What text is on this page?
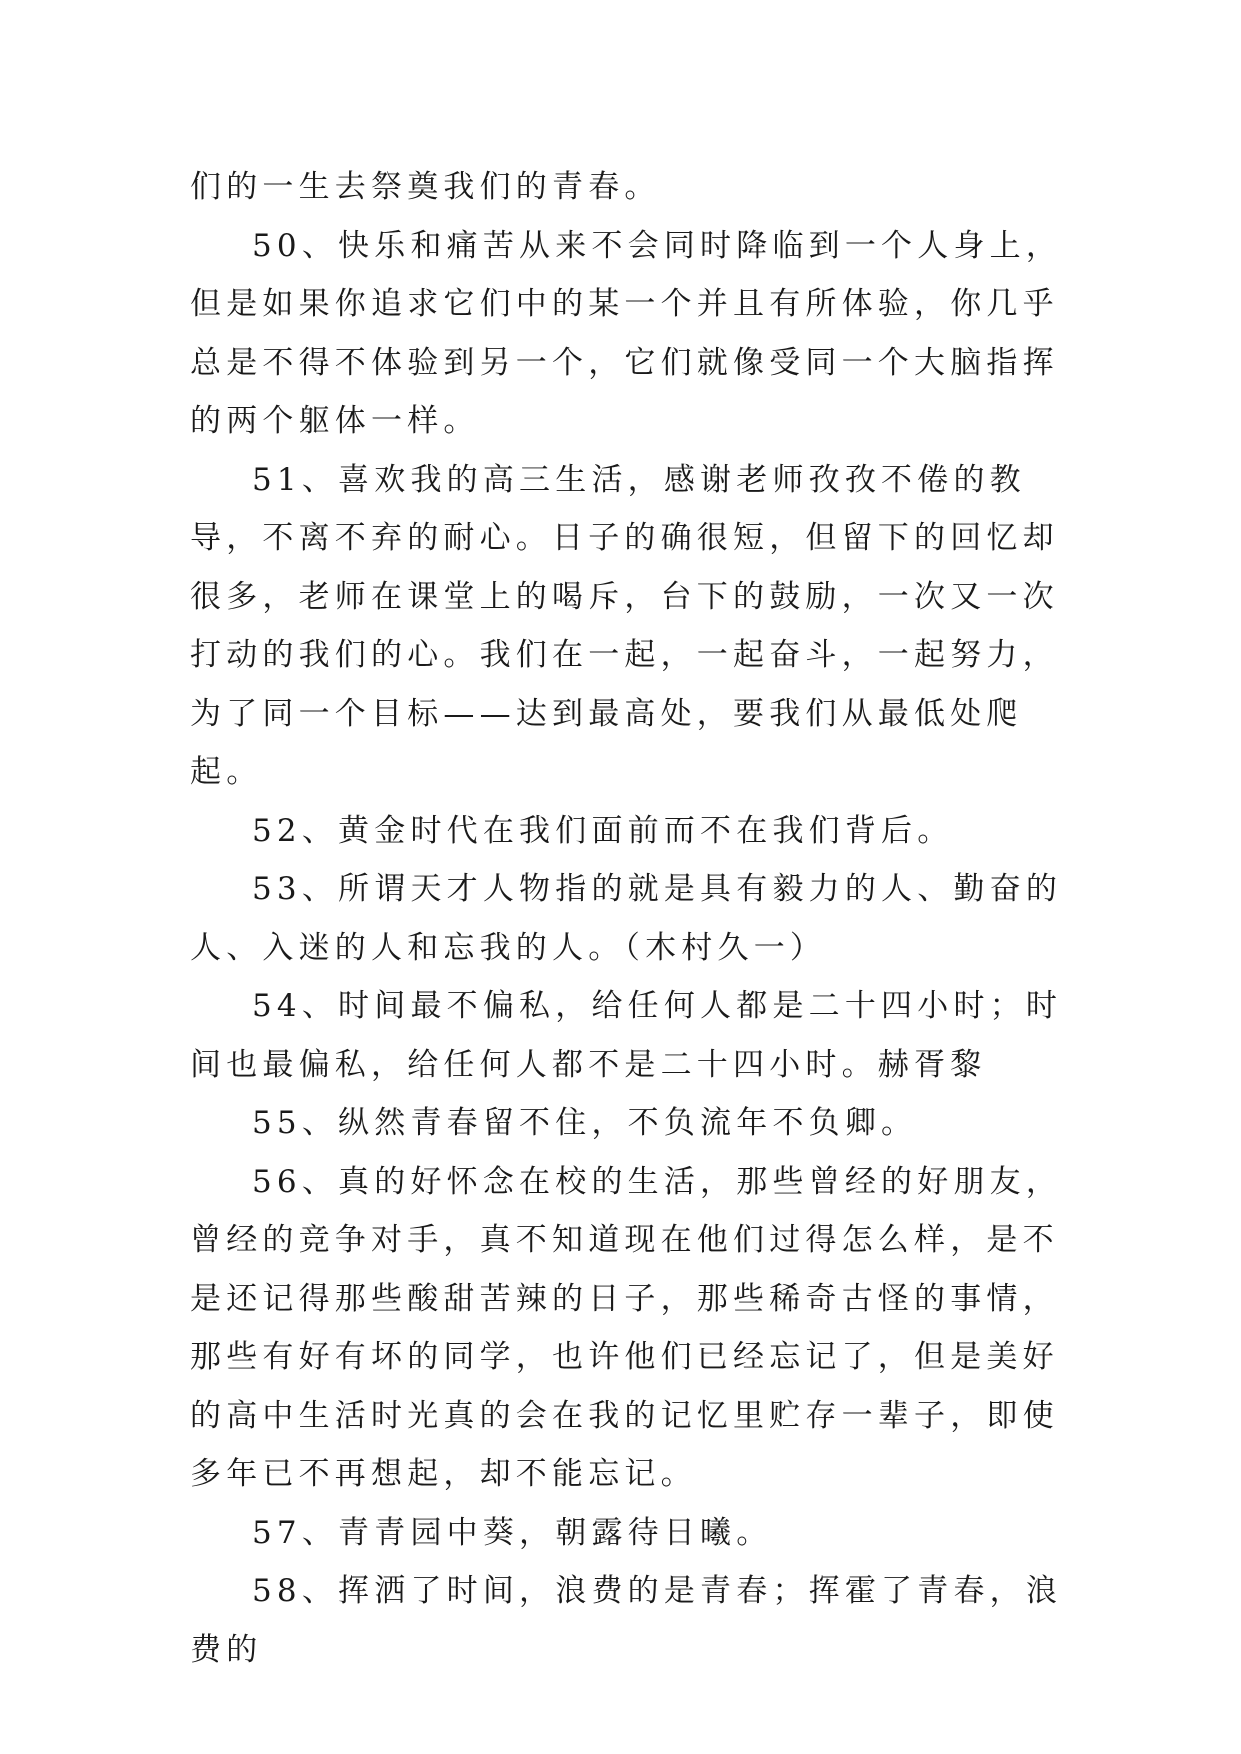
们的一生去祭奠我们的青春。

50、快乐和痛苦从来不会同时降临到一个人身上，但是如果你追求它们中的某一个并且有所体验，你几乎总是不得不体验到另一个，它们就像受同一个大脑指挥的两个躯体一样。

51、喜欢我的高三生活，感谢老师孜孜不倦的教导，不离不弃的耐心。日子的确很短，但留下的回忆却很多，老师在课堂上的喝斥，台下的鼓励，一次又一次打动的我们的心。我们在一起，一起奋斗，一起努力，为了同一个目标——达到最高处，要我们从最低处爬起。

52、黄金时代在我们面前而不在我们背后。

53、所谓天才人物指的就是具有毅力的人、勤奋的人、入迷的人和忘我的人。（木村久一）

54、时间最不偏私，给任何人都是二十四小时；时间也最偏私，给任何人都不是二十四小时。赫胥黎

55、纵然青春留不住，不负流年不负卿。

56、真的好怀念在校的生活，那些曾经的好朋友，曾经的竞争对手，真不知道现在他们过得怎么样，是不是还记得那些酸甜苦辣的日子，那些稀奇古怪的事情，那些有好有坏的同学，也许他们已经忘记了，但是美好的高中生活时光真的会在我的记忆里贮存一辈子，即使多年已不再想起，却不能忘记。

57、青青园中葵，朝露待日曦。

58、挥洒了时间，浪费的是青春；挥霍了青春，浪费的
